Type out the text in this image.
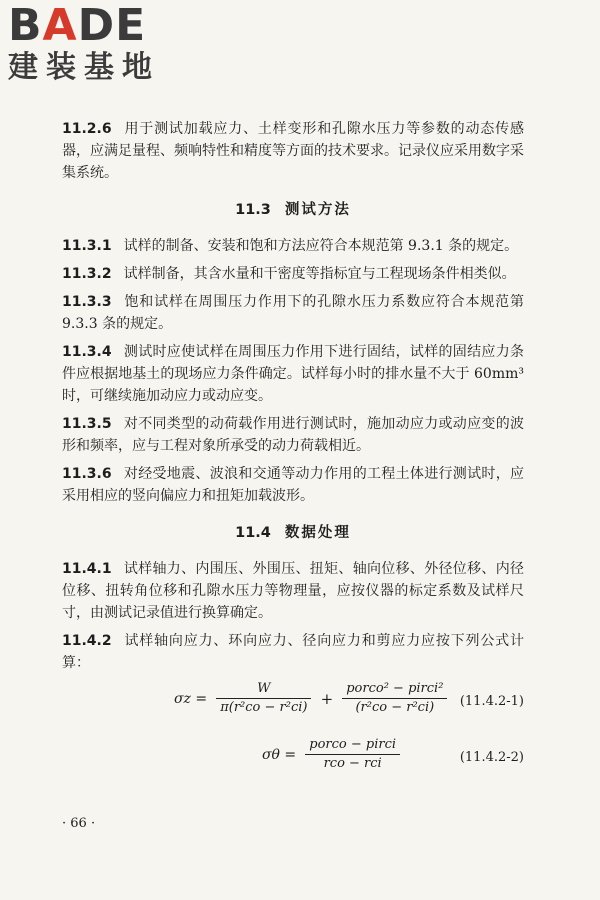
BADE
建装基地

11.2.6 用于测试加载应力、土样变形和孔隙水压力等参数的动态传感器，应满足量程、频响特性和精度等方面的技术要求。记录仪应采用数字采集系统。

11.3 测试方法

11.3.1 试样的制备、安装和饱和方法应符合本规范第 9.3.1 条的规定。

11.3.2 试样制备，其含水量和干密度等指标宜与工程现场条件相类似。

11.3.3 饱和试样在周围压力作用下的孔隙水压力系数应符合本规范第 9.3.3 条的规定。

11.3.4 测试时应使试样在周围压力作用下进行固结，试样的固结应力条件应根据地基土的现场应力条件确定。试样每小时的排水量不大于 60mm³时，可继续施加动应力或动应变。

11.3.5 对不同类型的动荷载作用进行测试时，施加动应力或动应变的波形和频率，应与工程对象所承受的动力荷载相近。

11.3.6 对经受地震、波浪和交通等动力作用的工程土体进行测试时，应采用相应的竖向偏应力和扭矩加载波形。

11.4 数据处理

11.4.1 试样轴力、内围压、外围压、扭矩、轴向位移、外径位移、内径位移、扭转角位移和孔隙水压力等物理量，应按仪器的标定系数及试样尺寸，由测试记录值进行换算确定。

11.4.2 试样轴向应力、环向应力、径向应力和剪应力应按下列公式计算：

$\sigma z = \frac{W}{\text{π(r²co − r²ci)}} + \frac{\text{porco² − pirci²}}{\text{(r²co − r²ci)}} (11.4.2-1)$
$\sigma\theta = \frac{\text{porco − pirci}}{\text{rco − rci}}$	(11.4.2-2)
· 66 ·
